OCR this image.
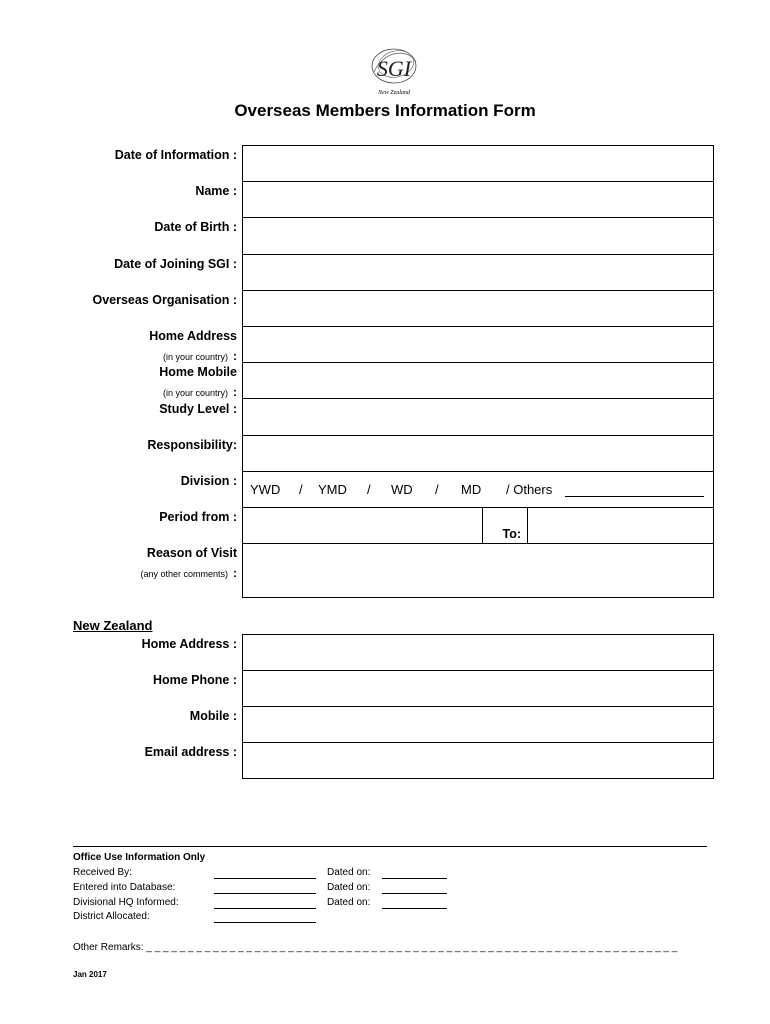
SGI
New Zealand
Overseas Members Information Form
Date of Information :
Name :
Date of Birth :
Date of Joining SGI :
Overseas Organisation :
Home Address
(in your country) :
Home Mobile
(in your country) :
Study Level :
Responsibility:
Division :
Period from :
Reason of Visit
(any other comments) :
To:
YWD / YMD / WD / MD / Others
New Zealand
Home Address :
Home Phone :
Mobile :
Email address :
Office Use Information Only
Received By:
Entered into Database:
Divisional HQ Informed:
District Allocated:
Dated on:
Dated on:
Dated on:
Other Remarks: _ _ _ _ _ _ _ _ _ _ _ _ _ _ _ _ _ _ _ _ _ _ _ _ _ _ _ _ _ _ _ _ _ _ _ _ _ _ _ _ _ _ _ _ _ _ _ _ _ _ _ _ _ _ _ _ _ _ _ _ _ _ _ _
Jan 2017
